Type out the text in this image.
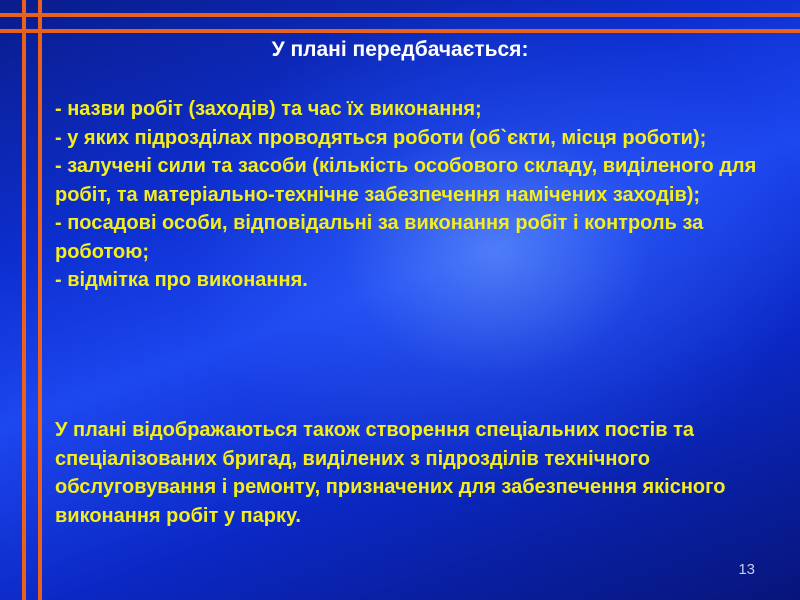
У плані передбачається:
- назви робіт (заходів) та час їх виконання;
- у яких підрозділах проводяться роботи (об`єкти, місця роботи);
- залучені сили та засоби (кількість особового складу, виділеного для робіт, та матеріально-технічне забезпечення намічених заходів);
- посадові особи, відповідальні за виконання робіт і контроль за роботою;
- відмітка про виконання.

У плані відображаються також створення спеціальних постів та спеціалізованих бригад, виділених з підрозділів технічного обслуговування і ремонту, призначених для забезпечення якісного виконання робіт у парку.

13
